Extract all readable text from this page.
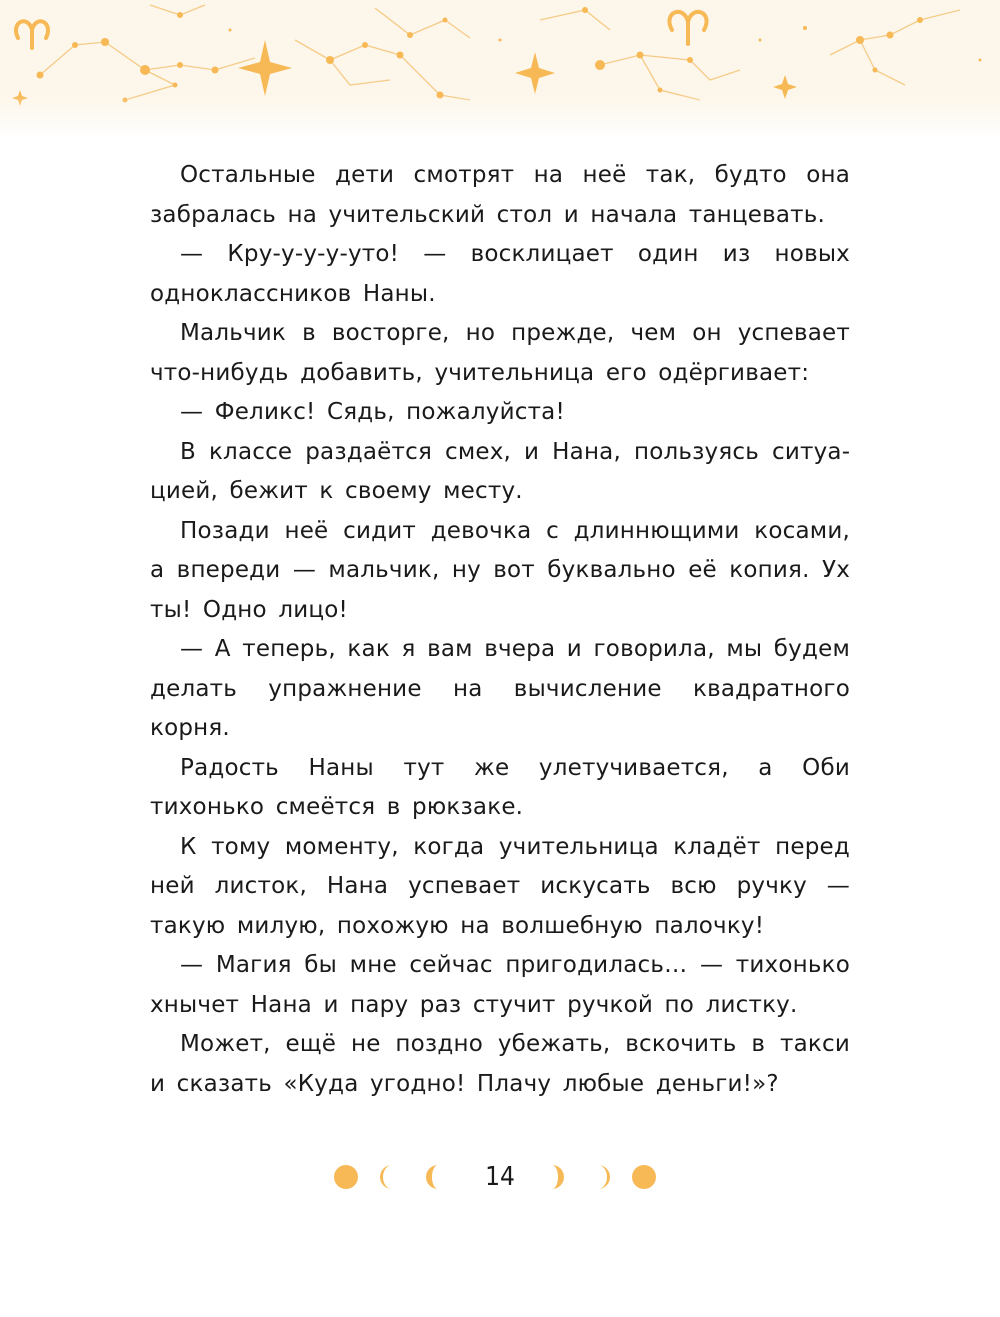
Остальные дети смотрят на неё так, будто она забралась на учительский стол и начала танцевать.

— Кру-у-у-у-уто! — восклицает один из новых одноклассников Наны.

Мальчик в восторге, но прежде, чем он успевает что-нибудь добавить, учительница его одёргивает:

— Феликс! Сядь, пожалуйста!

В классе раздаётся смех, и Нана, пользуясь ситуацией, бежит к своему месту.

Позади неё сидит девочка с длиннющими косами, а впереди — мальчик, ну вот буквально её копия. Ух ты! Одно лицо!

— А теперь, как я вам вчера и говорила, мы будем делать упражнение на вычисление квадратного корня.

Радость Наны тут же улетучивается, а Оби тихонько смеётся в рюкзаке.

К тому моменту, когда учительница кладёт перед ней листок, Нана успевает искусать всю ручку — такую милую, похожую на волшебную палочку!

— Магия бы мне сейчас пригодилась… — тихонько хнычет Нана и пару раз стучит ручкой по листку.

Может, ещё не поздно убежать, вскочить в такси и сказать «Куда угодно! Плачу любые деньги!»?

14
